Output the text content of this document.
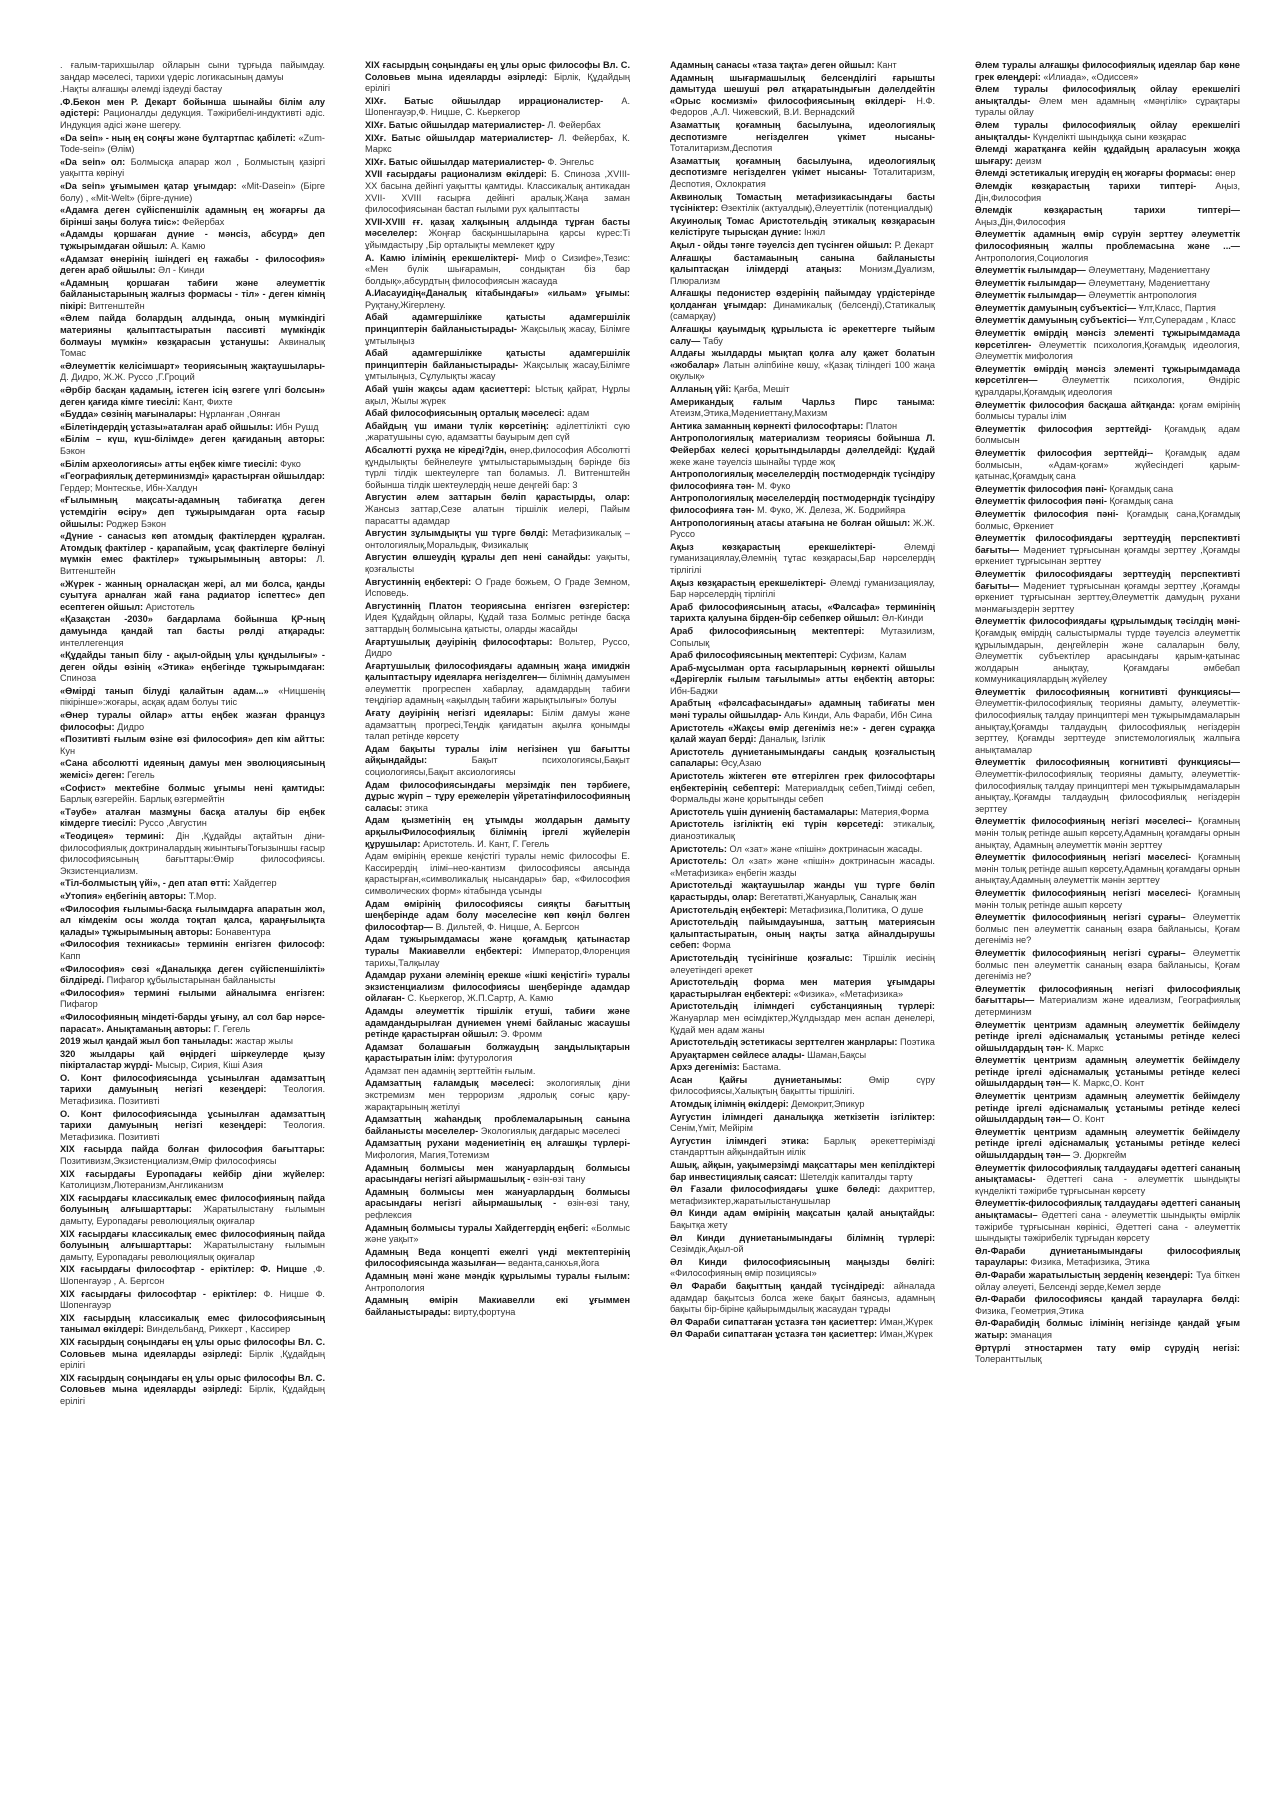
. ғалым-тарихшылар ойларын сыни тұрғыда пайымдау. заңдар мәселесі, тарихи үдеріс логикасының дамуы
.Нақты алғашқы әлемді іздеуді бастау
.Ф.Бекон мен Р. Декарт бойынша шынайы білім алу әдістері: Рационалды дедукция. Тәжірибелі-индуктивті әдіс. Индукция әдісі және шегеру.
«Da sein» - ның ең соңғы және бұлтартпас қабілеті: «Zum-Tode-sein» (Өлім)
«Da sein» ол: Болмысқа апарар жол , Болмыстың қазіргі уақытта көрінуі
«Da sein» ұғымымен қатар ұғымдар: «Mit-Dasein» (Бірге болу) , «Mit-Welt» (бірге-дүние)
«Адамға деген сүйіспеншілік адамның ең жоғарғы да бірінші заңы болуға тиіс»: Фейербах
«Адамды қоршаған дүние - мәнсіз, абсурд» деп тұжырымдаған ойшыл: А. Камю
«Адамзат өнерінің ішіндегі ең ғажабы - философия» деген араб ойшылы: Әл - Кинди
«Адамның қоршаған табиғи және әлеуметтік байланыстарының жалғыз формасы - тіл» - деген кімнің пікірі: Витгенштейн
«Әлем пайда болардың алдында, оның мүмкіндігі материяны қалыптастыратын пассивті мүмкіндік болмауы мүмкін» көзқарасын ұстанушы: Аквиналық Томас
«Әлеуметтік келісімшарт» теориясының жақтаушылары- Д. Дидро, Ж.Ж. Руссо ,Г.Гроций
«Әрбір басқан қадамың, істеген ісің өзгеге үлгі болсын» деген қағида кімге тиесілі: Кант, Фихте
«Будда» сөзінің мағыналары: Нұрланған ,Оянған
«Білетіндердің ұстазы»аталған араб ойшылы: Ибн Рушд
«Білім – күш, күш-білімде» деген қағиданың авторы: Бэкон
«Білім археологиясы» атты еңбек кімге тиесілі: Фуко
«Географиялық детерминизмді» қарастырған ойшылдар: Гердер; Монтескье, Ибн-Халдун
«Ғылымның мақсаты-адамның табиғатқа деген үстемдігін өсіру» деп тұжырымдаған орта ғасыр ойшылы: Роджер Бэкон
«Дүние - санасыз көп атомдық фактілерден құралған. Атомдық фактілер - қарапайым, ұсақ фактілерге бөлінуі мүмкін емес фактілер» тұжырымының авторы: Л. Витгенштейн
«Жүрек - жанның орналасқан жері, ал ми болса, қанды суытуға арналған жай ғана радиатор іспеттес» деп есептеген ойшыл: Аристотель
«Қазақстан -2030» бағдарлама бойынша ҚР-ның дамуында қандай тап басты рөлді атқарады: интеллегенция
«Құдайды танып білу - ақыл-ойдың ұлы құндылығы» - деген ойды өзінің «Этика» еңбегінде тұжырымдаған: Спиноза
«Өмірді танып білуді қалайтын адам...» «Ницшенің пікірінше»:жоғары, асқақ адам болуы тиіс
«Өнер туралы ойлар» атты еңбек жазған француз философы: Дидро
«Позитивті ғылым өзіне өзі философия» деп кім айтты: Кун
«Сана абсолютті идеяның дамуы мен эволюциясының жемісі» деген: Гегель
«Софист» мектебіне болмыс ұғымы нені қамтиды: Барлық өзгерейін. Барлық өзгермейтін
«Тәубе» аталған мазмұны басқа аталуы бір еңбек кімдерге тиесілі: Руссо ,Августин
«Теодицея» термині: Дін ,Құдайды ақтайтын діни-философиялық доктриналардың жиынтығыТоғызыншы ғасыр философиясының бағыттары:Өмір философиясы. Экзистенциализм.
«Тіл-болмыстың үйі», - деп атап өтті: Хайдеггер
«Утопия» еңбегінің авторы: Т.Мор.
«Философия ғылымы-басқа ғылымдарға апаратын жол, ал кімдекім осы жолда тоқтап қалса, қараңғылықта қалады» тұжырымының авторы: Бонавентура
«Философия техникасы» терминін енгізген философ: Капп
«Философия» сөзі «Даналыққа деген сүйіспеншілікті» білдіреді. Пифагор құбылыстарынан байланысты
«Философия» термині ғылыми айналымға енгізген: Пифагор
«Философияның міндеті-барды ұғыну, ал сол бар нәрсе-парасат». Анықтаманың авторы: Г. Гегель
2019 жыл қандай жыл боп танылады: жастар жылы
320 жылдары қай өңірдегі шіркеулерде қызу пікірталастар жүрді- Мысыр, Сирия, Кіші Азия
О. Конт философиясында ұсынылған адамзаттың тарихи дамуының негізгі кезеңдері: Теология. Метафизика. Позитивті
О. Конт философиясында ұсынылған адамзаттың тарихи дамуының негізгі кезеңдері: Теология. Метафизика. Позитивті
XIX ғасырда пайда болған философия бағыттары: Позитивизм,Экзистенциализм,Өмір философиясы
XIX ғасырдағы Еуропадағы кейбір діни жүйелер: Католицизм,Лютеранизм,Англиканизм
XIX ғасырдағы классикалық емес философияның пайда болуының алғышарттары: Жаратылыстану ғылымын дамыту, Еуропадағы революциялық оқиғалар
XIX ғасырдағы классикалық емес философияның пайда болуының алғышарттары: Жаратылыстану ғылымын дамыту, Еуропадағы революциялық оқиғалар
XIX ғасырдағы философтар - еріктілер: Ф. Ницше ,Ф. Шопенгауэр , А. Бергсон
XIX ғасырдағы философтар - еріктілер: Ф. Ницше Ф. Шопенгауэр
XIX ғасырдың классикалық емес философиясының танымал өкілдері: Виндельбанд, Риккерт , Кассирер
XIX ғасырдың соңындағы ең ұлы орыс философы Вл. С. Соловьев мына идеяларды әзірледі: Бірлік ,Құдайдың ерілігі
XIX ғасырдың соңындағы ең ұлы орыс философы Вл. С. Соловьев мына идеяларды әзірледі: Бірлік, Құдайдың ерілігі
XIX ғасырдың соңындағы ең ұлы орыс философы Вл. С. Соловьев мына идеяларды әзірледі: Бірлік, Құдайдың ерілігі
XIXғ. Батыс ойшылдар иррационалистер- А. Шопенгауэр,Ф. Ницше, С. Кьеркегор
XIXғ. Батыс ойшылдар материалистер- Л. Фейербах
XIXғ. Батыс ойшылдар материалистер- Л. Фейербах, К. Маркс
XIXғ. Батыс ойшылдар материалистер- Ф. Энгельс
XVII ғасырдағы рационализм өкілдері: Б. Спиноза ,XVIII-XX басына дейінгі уақытты қамтиды. Классикалық антикадан XVII- XVIII ғасырға дейінгі аралық.Жаңа заман философиясынан бастап ғылыми рух қалыптасты
XVII-XVIII ғғ. қазақ халқының алдында тұрған басты мәселелер: Жоңғар басқыншыларына қарсы күрес:Ті ұйымдастыру ,Бір орталықты мемлекет құру
А. Камю ілімінің ерекшеліктері- Миф о Сизифе»,Тезис: «Мен бүлік шығарамын, сондықтан біз бар болдық»,абсурдтың философиясын жасауда
А.Иасауидің«Даналық кітабындағы» «ильам» ұғымы: Руқтану,Жігерлену.
Абай адамгершілікке қатысты адамгершілік принциптерін байланыстырады- Жақсылық жасау, Білімге ұмтылыңыз
Абай адамгершілікке қатысты адамгершілік принциптерін байланыстырады- Жақсылық жасау,Білімге ұмтылыңыз, Сұлулықты жасау
Абай үшін жақсы адам қасиеттері: Ыстық қайрат, Нұрлы ақыл, Жылы жүрек
Абай философиясының орталық мәселесі: адам
Абайдың үш имани түлік көрсетінің: әділеттілікті сүю ,жаратушыны сүю, адамзатты бауырым деп сүй
Абсалютті рухқа не кіреді?дін, өнер,философия Абсолютті құндылықты бейнелеуге ұмтылыстарымыздың бәрінде біз түрлі тілдік шектеулерге тап боламыз. Л. Витгенштейн бойынша тілдік шектеулердің неше деңгейі бар: 3
Августин әлем заттарын бөліп қарастырды, олар: Жансыз заттар,Сезе алатын тіршілік иелері, Пайым парасатты адамдар
Августин зұлымдықты үш түрге бөлді: Метафизикалық – онтологиялық,Моральдық, Физикалық
Августин өлшеудің құралы деп нені санайды: уақыты, қозғалысты
Августиннің еңбектері: О Граде божьем, О Граде Земном, Исповедь.
Августиннің Платон теориясына енгізген өзгерістер: Идея Құдайдың ойлары, Құдай таза Болмыс ретінде басқа заттардың болмысына қатысты, оларды жасайды
Ағартушылық дәуірінің философтары: Вольтер, Руссо, Дидро
Ағартушылық философиядағы адамның жаңа имиджін қалыптастыру идеяларға негізделген— білімнің дамуымен әлеуметтік прогреспен хабарлау, адамдардың табиғи теңдігіәр адамның «ақылдың табиғи жарықтылығы» болуы
Ағату дәуірінің негізгі идеялары: Білім дамуы және адамзаттың прогресі,Теңдік қағидатын ақылға қонымды талап ретінде көрсету
Адам бақыты туралы ілім негізінен үш бағытты айқындайды:	Бақыт психологиясы,Бақыт социологиясы,Бақыт аксиологиясы
Адам философиясындағы мерзімдік пен тәрбиеге, дұрыс жүріп – тұру ережелерін үйретатінфилософияның саласы: этика
Адам қызметінің ең ұтымды жолдарын дамыту арқылыФилософиялық білімнің іргелі жүйелерін құрушылар: Аристотель. И. Кант, Г. Гегель
Адам өмірінің ерекше кеңістігі туралы неміс философы Е. Кассирердің ілімі–нео-кантизм философиясы аясында қарастырған,«символикалық нысандары» бар, «Философия символических форм» кітабында үсынды
Адам өмірінің философиясы сияқты бағыттың шеңберінде адам болу мәселесіне көп көңіл бөлген философтар— В. Дильтей, Ф. Ницше, А. Бергсон
Адам тұжырымдамасы және қоғамдық қатынастар туралы Макиавелли еңбектері: Император,Флоренция тарихы,Талқылау
Адамдар рухани әлемінің ерекше «ішкі кеңістігі» туралы экзистенциализм философиясы шеңберінде адамдар ойлаған- С. Кьеркегор, Ж.П.Сартр, А. Камю
Адамды әлеуметтік тіршілік етуші, табиғи және адамдандырылған дүниемен үнемі байланыс жасаушы ретінде қарастырған ойшыл: Э. Фромм
Адамзат болашағын болжаудың заңдылықтарын қарастыратын ілім: футурология
Адамзат пен адамнің зерттейтін ғылым.
Адамзаттың ғаламдық мәселесі: экологиялық діни экстремизм мен терроризм ,ядролық соғыс қару-жарақтарының жетілуі
Адамзаттың жаһандық проблемаларының санына байланысты мәселелер- Экологиялық дағдарыс мәселесі
Адамзаттың рухани мәдениетінің ең алғашқы түрлері- Мифология, Магия,Тотемизм
Адамның болмысы мен жануарлардың болмысы арасындағы негізгі айырмашылық - өзін-өзі тану
Адамның болмысы мен жануарлардың болмысы арасындағы негізгі айырмашылық - өзін-өзі тану, рефлексия
Адамның болмысы туралы Хайдеггердің еңбегі: «Болмыс және уақыт»
Адамның Веда концепті ежелгі үнді мектептерінің философиясында жазылған— веданта,санкхья,йога
Адамның мәні және мәндік құрылымы туралы ғылым: Антропология
Адамның өмірін Макиавелли екі ұғыммен байланыстырады: вирту,фортуна
Адамның санасы «таза тақта» деген ойшыл: Кант
Адамның шығармашылық белсенділігі ғарышты дамытуда шешуші рөл атқаратындығын дәлелдейтін «Орыс космизмі» философиясының өкілдері- Н.Ф. Федоров ,А.Л. Чижевский, В.И. Вернадский
Азаматтық қоғамның басылуына, идеологиялық деспотизмге негізделген үкімет нысаны- Тоталитаризм,Деспотия
Азаматтық қоғамның басылуына, идеологиялық деспотизмге негізделген үкімет нысаны- Тоталитаризм, Деспотия, Охлократия
Аквинолық Томастың метафизикасындағы басты түсініктер: Өзектілік (актуалдық),Әлеуеттілік (потенциалдық)
Акуинолық Томас Аристотельдің этикалық көзқарасын келістіруге тырысқан дүние: Інжіл
Ақыл - ойды тәнге тәуелсіз деп түсінген ойшыл: Р. Декарт
Алғашқы бастамаының санына байланысты қалыптасқан ілімдерді атаңыз: Монизм,Дуализм, Плюрализм
Алғашқы педонистер өздерінің пайымдау үрдістерінде қолданған ұғымдар: Динамикалық (белсенді),Статикалық (самарқау)
Алғашқы қауымдық құрылыста іс әрекеттерге тыйым салу— Табу
Алдағы жылдарды мықтап қолға алу қажет болатын «жобалар» Латын әліпбиіне көшу, «Қазақ тіліндегі 100 жаңа оқулық»
Алланың үйі: Қағба, Мешіт
Американдық ғалым Чарльз Пирс таныма: Атеизм,Этика,Мәдениеттану,Махизм
Антика заманның көрнекті философтары: Платон
Антропологиялық материализм теориясы бойынша Л. Фейербах келесі қорытындыларды дәлелдейді: Құдай жеке жане тәуелсіз шынайы түрде жоқ
Антропологиялық мәселелердің постмодерндік түсіндіру философияға тән- М. Фуко
Антропологиялық мәселелердің постмодерндік түсіндіру философияға тән- М. Фуко, Ж. Делеза, Ж. Бодрийяра
Антропологияның атасы атағына не болған ойшыл: Ж.Ж. Руссо
Ақыз көзқарастың ерекшеліктері-	Әлемді гуманизациялау,Әлемнің тұтас көзқарасы,Бар нәрселердің тірлігілі
Ақыз көзқарастың ерекшеліктері- Әлемді гуманизациялау, Бар нәрселердің тірлігілі
Араб философиясының атасы, «Фалсафа» терминінің тарихта қалуына бірден-бір себепкер ойшыл: Әл-Кинди
Араб философиясының мектептері: Мутазилизм, Сопылық
Араб философиясының мектептері: Суфизм, Калам
Араб-мұсылман орта ғасырларының көрнекті ойшылы «Дәрігерлік ғылым тағылымы» атты еңбектің авторы: Ибн-Баджи
Арабтың «фәлсафасындағы» адамның табиғаты мен мәні туралы ойшылдар- Аль Кинди, Аль Фараби, Ибн Сина
Аристотель «Жақсы өмір дегеніміз не:» - деген сұраққа қалай жауап берді: Даналық, Ізгілік
Аристотель дүниетанымындағы сандық қозғалыстың сапалары: Өсу,Азаю
Аристотель жіктеген өте өтгерілген грек философтары еңбектерінің себептері: Материалдық себеп,Тиімді себеп, Формальды және қорытынды себеп
Аристотель үшін дүниенің бастамалары: Материя,Форма
Аристотель ізгіліктің екі түрін көрсетеді: этикалық, дианоэтикалық
Аристотель: Ол «зат» және «пішін» доктринасын жасады.
Аристотель: Ол «зат» және «пішін» доктринасын жасады. «Метафизика» еңбегін жазды
Аристотельді жақтаушылар жанды үш түрге бөліп қарастырды, олар: Вегетатвті,Жануарлық, Саналық жан
Аристотельдің еңбектері: Метафизика,Политика, О душе
Аристотельдің пайымдауынша, заттың материясын қалыптастыратын, оның нақты затқа айналдырушы себеп: Форма
Аристотельдің түсінігінше қозғалыс: Тіршілік иесінің әлеуетіндегі әрекет
Аристотельдің форма мен материя ұғымдары қарастырылған еңбектері: «Физика», «Метафизика»
Аристотельдің ілімндегі субстанцияның түрлері: Жануарлар мен өсімдіктер,Жұлдыздар мен аспан денелері, Құдай мен адам жаны
Аристотельдің эстетикасы зерттелген жанрлары: Поэтика
Аруақтармен сөйлесе алады- Шаман,Бақсы
Архэ дегеніміз: Бастама.
Асан Қайғы дүниетанымы:	Өмір сүру философиясы,Халықтың бақытты тіршілігі.
Атомдық ілімнің өкілдері: Демокрит,Эпикур
Аугустин ілімндегі даналыққа жеткізетін ізгіліктер: Сенім,Үміт, Мейірім
Аугустин ілімндегі этика: Барлық әрекеттерімізді стандарттын айқындайтын иілік
Ашық, айқын, уақымерзімді мақсаттары мен кепілдіктері бар инвестициялық саясат: Шетелдік капиталды тарту
Әл Ғазали философиядағы ұшке бөледі: дахриттер, метафизиктер,жаратылыстанушылар
Әл Кинди адам өмірінің мақсатын қалай анықтайды: Бақытқа жету
Әл Кинди дүниетанымындағы білімнің түрлері: Сезімдік,Ақыл-ой
Әл Кинди философиясының маңызды бөлігі: «Философияның өмір позициясы»
Әл Фараби бақыттың қандай түсіндіреді: айналада адамдар бақытсыз болса жеке бақыт баянсыз, адамның бақыты бір-біріне қайырымдылық жасаудан тұрады
Әл Фараби сипаттаған ұстазға тән қасиеттер: Иман,Жүрек
Әл Фараби сипаттаған ұстазға тән қасиеттер: Иман,Жүрек
Әлем туралы алғашқы философиялық идеялар бар көне грек өлеңдері: «Илиада», «Одиссея»
Әлем туралы философиялық ойлау ерекшелігі анықталды- Әлем мен адамның «мәңгілік» сұрақтары туралы ойлау
Әлем туралы философиялық ойлау ерекшелігі анықталды- Күнделікті шындыққа сыни көзқарас
Әлемді жаратқанға кейін құдайдың араласуын жоққа шығару: деизм
Әлемді эстетикалық игерудің ең жоғарғы формасы: өнер
Әлемдік көзқарастың тарихи типтері- Аңыз, Дін,Философия
Әлемдік көзқарастың тарихи типтері— Аңыз,Дін,Философия
Әлеуметтік адамның өмір сүруін зерттеу әлеуметтік философияның жалпы проблемасына және ...— Антропология,Социология
Әлеуметтік ғылымдар— Әлеуметтану, Мәдениеттану
Әлеуметтік ғылымдар— Әлеуметтану, Мәдениеттану
Әлеуметтік ғылымдар— Әлеуметтік антропология
Әлеуметтік дамуының субъектісі— Ұлт,Класс, Партия
Әлеуметтік дамуының субъектісі— Ұлт,Суперадам , Класс
Әлеуметтік өмірдің мәнсіз элементі тұжырымдамада көрсетілген- Әлеуметтік психология,Қоғамдық идеология, Әлеуметтік мифология
Әлеуметтік өмірдің мәнсіз элементі тұжырымдамада көрсетілген—	Әлеуметтік психология, Өндіріс құралдары,Қоғамдық идеология
Әлеуметтік философия басқаша айтқанда: қоғам өмірінің болмысы туралы ілім
Әлеуметтік философия зерттейді- Қоғамдық адам болмысын
Әлеуметтік философия зерттейді-- Қоғамдық адам болмысын, «Адам-қоғам» жүйесіндегі қарым-қатынас,Қоғамдық сана
Әлеуметтік философия пәні- Қоғамдық сана
Әлеуметтік философия пәні- Қоғамдық сана
Әлеуметтік философия пәні- Қоғамдық сана,Қоғамдық болмыс, Өркениет
Әлеуметтік философиядағы зерттеудің перспективті бағыты— Мәдениет тұрғысынан қоғамды зерттеу ,Қоғамды өркениет тұрғысынан зерттеу
Әлеуметтік философиядағы зерттеудің перспективті бағыты— Мәдениет тұрғысынан қоғамды зерттеу ,Қоғамды өркениет тұрғысынан зерттеу,Әлеуметтік дамудың рухани мәнмағыздерін зерттеу
Әлеуметтік философиядағы құрылымдық тәсілдің мәні- Қоғамдық өмірдің салыстырмалы түрде тәуелсіз әлеуметтік құрылымдарын, деңгейлерін және салаларын бөлу, Әлеуметтік субъектілер арасындағы қарым-қатынас жолдарын анықтау, Қоғамдағы әмбебап коммуникациялардың жүйелеу
Әлеуметтік философияның когнитивті функциясы— Әлеуметтік-философиялық теорияны дамыту, әлеуметтік-философиялық талдау принциптері мен тұжырымдамаларын анықтау,Қоғамды талдаудың философиялық негіздерін зерттеу, Қоғамды зерттеуде эпистемологиялық жалпыға анықтамалар
Әлеуметтік философияның когнитивті функциясы— Әлеуметтік-философиялық теорияны дамыту, әлеуметтік-философиялық талдау принциптері мен тұжырымдамаларын анықтау,.Қоғамды талдаудың философиялық негіздерін зерттеу
Әлеуметтік философияның негізгі мәселесі-- Қоғамның мәнін толық ретінде ашып көрсету,Адамның қоғамдағы орнын анықтау, Адамның әлеуметтік мәнін зерттеу
Әлеуметтік философияның негізгі мәселесі- Қоғамның мәнін толық ретінде ашып көрсету,Адамның қоғамдағы орнын анықтау,Адамның әлеуметтік мәнін зерттеу
Әлеуметтік философияның негізгі мәселесі- Қоғамның мәнін толық ретінде ашып көрсету
Әлеуметтік философияның негізгі сұрағы– Әлеуметтік болмыс пен әлеуметтік сананың өзара байланысы, Қоғам дегеніміз не?
Әлеуметтік философияның негізгі сұрағы– Әлеуметтік болмыс пен әлеуметтік сананың өзара байланысы, Қоғам дегеніміз не?
Әлеуметтік философияның негізгі философиялық бағыттары— Материализм және идеализм, Географиялық детерминизм
Әлеуметтік центризм адамның әлеуметтік бейімделу ретінде іргелі әдіснамалық ұстанымы ретінде келесі ойшылдардың тән- К. Маркс
Әлеуметтік центризм адамның әлеуметтік бейімделу ретінде іргелі әдіснамалық ұстанымы ретінде келесі ойшылдардың тән— К. Маркс,О. Конт
Әлеуметтік центризм адамның әлеуметтік бейімделу ретінде іргелі әдіснамалық ұстанымы ретінде келесі ойшылдардың тән— О. Конт
Әлеуметтік центризм адамның әлеуметтік бейімделу ретінде іргелі әдіснамалық ұстанымы ретінде келесі ойшылдардың тән— Э. Дюркгейм
Әлеуметтік философиялық талдаудағы әдеттегі сананың анықтамасы- Әдеттегі сана - әлеуметтік шындықты күнделікті тәжірибе тұрғысынан көрсету
Әлеуметтік-философиялық талдаудағы әдеттегі сананың анықтамасы– Әдеттегі сана - әлеуметтік шындықты өмірлік тәжірибе тұрғысынан көрінісі, Әдеттегі сана - әлеуметтік шындықты тәжірибелік тұрғыдан көрсету
Әл-Фараби дүниетанымындағы философиялық тараулары: Физика, Метафизика, Этика
Әл-Фараби жаратылыстың зерденің кезеңдері: Туа біткен ойлау әлеуеті, Белсенді зерде,Кемел зерде
Әл-Фараби философиясы қандай тарауларға бөлді: Физика, Геометрия,Этика
Әл-Фарабидің болмыс ілімінің негізінде қандай ұғым жатыр: эманация
Әртүрлі этностармен тату өмір сүрудің негізі: Толеранттылық
